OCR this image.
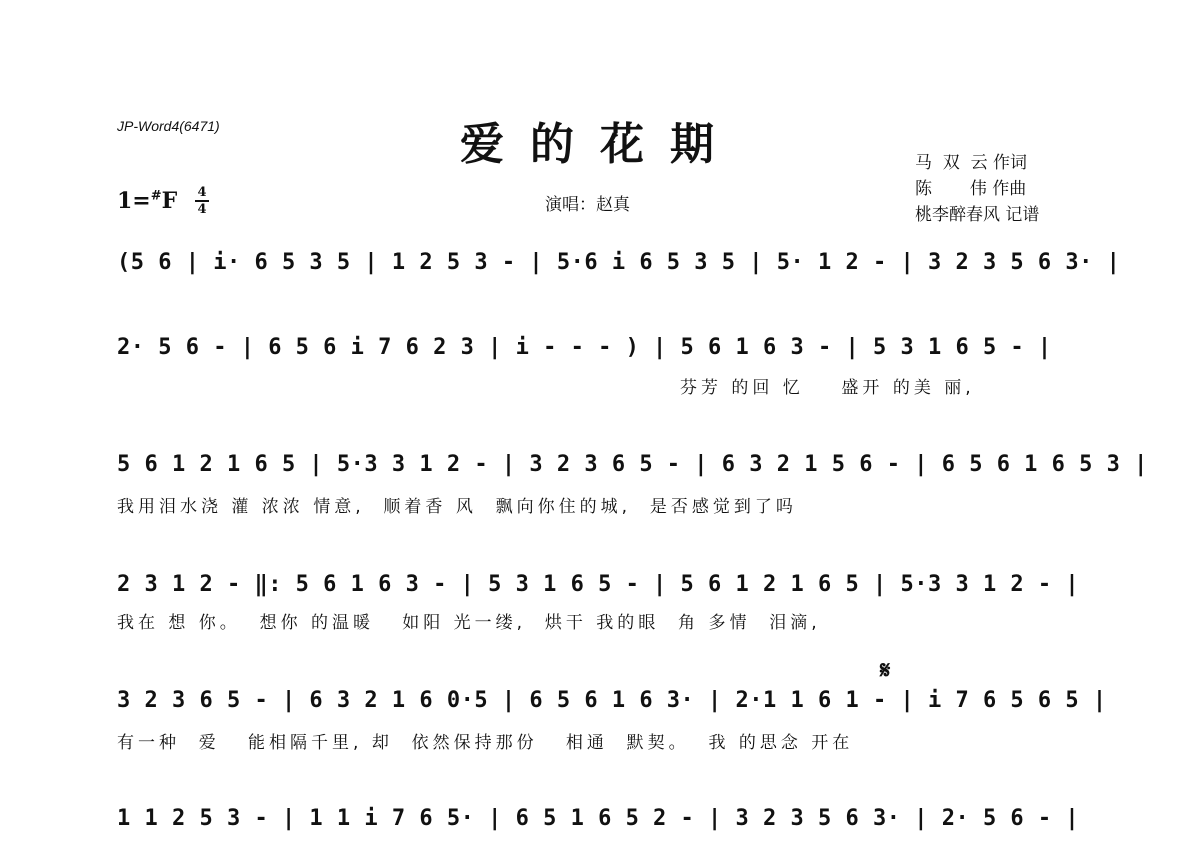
JP-Word4(6471)	爱的花期
演唱：赵真
马  双  云 作词
陈       伟 作曲
桃李醉春风 记谱
1=#F 4
4
(5 6 | i· 6 5 3 5 | 1 2 5 3 - | 5·6 i 6 5 3 5 | 5· 1 2 - | 3 2 3 5 6 3· |
2· 5 6 - | 6 5 6 i 7 6 2 3 | i - - - ) | 5 6 1 6 3 - | 5 3 1 6 5 - |
芬芳 的回 忆    盛开 的美 丽,
5 6 1 2 1 6 5 | 5·3 3 1 2 - | 3 2 3 6 5 - | 6 3 2 1 5 6 - | 6 5 6 1 6 5 3 |
我用泪水浇 灌 浓浓 情意,  顺着香 风  飘向你住的城,  是否感觉到了吗
2 3 1 2 - ‖: 5 6 1 6 3 - | 5 3 1 6 5 - | 5 6 1 2 1 6 5 | 5·3 3 1 2 - |
我在 想 你。  想你 的温暖   如阳 光一缕,  烘干 我的眼  角 多情  泪滴,
𝄋
3 2 3 6 5 - | 6 3 2 1 6 0·5 | 6 5 6 1 6 3· | 2·1 1 6 1 - | i 7 6 5 6 5 |
有一种  爱   能相隔千里, 却  依然保持那份   相通  默契。  我 的思念 开在
1 1 2 5 3 - | 1 1 i 7 6 5· | 6 5 1 6 5 2 - | 3 2 3 5 6 3· | 2· 5 6 - |
